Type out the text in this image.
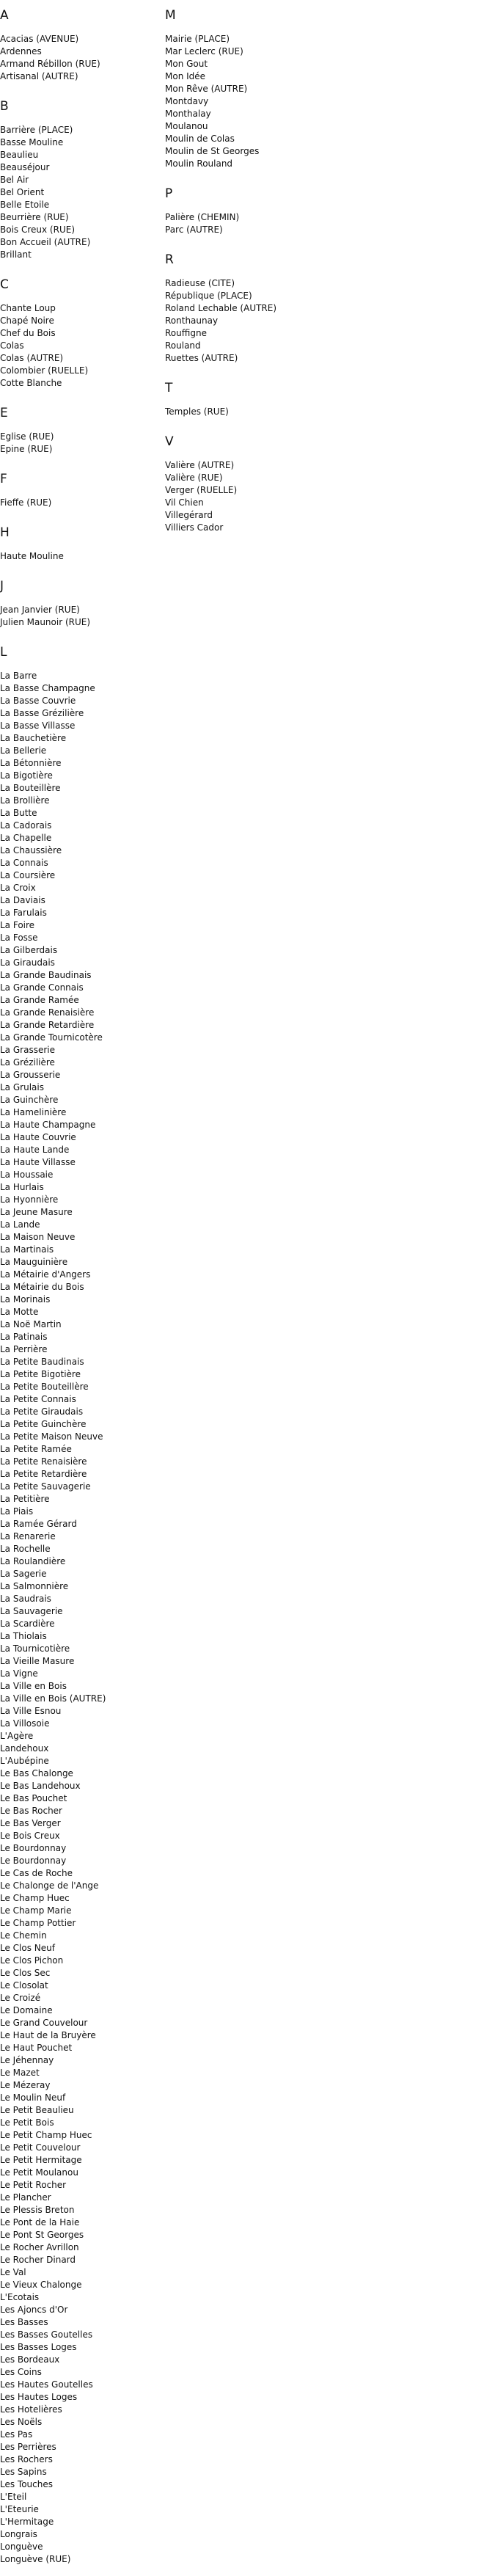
A
Acacias (AVENUE)
Ardennes
Armand Rébillon (RUE)
Artisanal (AUTRE)
B
Barrière (PLACE)
Basse Mouline
Beaulieu
Beauséjour
Bel Air
Bel Orient
Belle Etoile
Beurrière (RUE)
Bois Creux (RUE)
Bon Accueil (AUTRE)
Brillant
C
Chante Loup
Chapé Noire
Chef du Bois
Colas
Colas (AUTRE)
Colombier (RUELLE)
Cotte Blanche
E
Eglise (RUE)
Epine (RUE)
F
Fieffe (RUE)
H
Haute Mouline
J
Jean Janvier (RUE)
Julien Maunoir (RUE)
L
La Barre
La Basse Champagne
La Basse Couvrie
La Basse Grézilière
La Basse Villasse
La Bauchetière
La Bellerie
La Bétonnière
La Bigotière
La Bouteillère
La Brollière
La Butte
La Cadorais
La Chapelle
La Chaussière
La Connais
La Coursière
La Croix
La Daviais
La Farulais
La Foire
La Fosse
La Gilberdais
La Giraudais
La Grande Baudinais
La Grande Connais
La Grande Ramée
La Grande Renaisière
La Grande Retardière
La Grande Tournicotère
La Grasserie
La Grézilière
La Grousserie
La Grulais
La Guinchère
La Hamelinière
La Haute Champagne
La Haute Couvrie
La Haute Lande
La Haute Villasse
La Houssaie
La Hurlais
La Hyonnière
La Jeune Masure
La Lande
La Maison Neuve
La Martinais
La Mauguinière
La Métairie d'Angers
La Métairie du Bois
La Morinais
La Motte
La Noë Martin
La Patinais
La Perrière
La Petite Baudinais
La Petite Bigotière
La Petite Bouteillère
La Petite Connais
La Petite Giraudais
La Petite Guinchère
La Petite Maison Neuve
La Petite Ramée
La Petite Renaisière
La Petite Retardière
La Petite Sauvagerie
La Petitière
La Piais
La Ramée Gérard
La Renarerie
La Rochelle
La Roulandière
La Sagerie
La Salmonnière
La Saudrais
La Sauvagerie
La Scardière
La Thiolais
La Tournicotière
La Vieille Masure
La Vigne
La Ville en Bois
La Ville en Bois (AUTRE)
La Ville Esnou
La Villosoie
L'Agère
Landehoux
L'Aubépine
Le Bas Chalonge
Le Bas Landehoux
Le Bas Pouchet
Le Bas Rocher
Le Bas Verger
Le Bois Creux
Le Bourdonnay
Le Bourdonnay
Le Cas de Roche
Le Chalonge de l'Ange
Le Champ Huec
Le Champ Marie
Le Champ Pottier
Le Chemin
Le Clos Neuf
Le Clos Pichon
Le Clos Sec
Le Closolat
Le Croizé
Le Domaine
Le Grand Couvelour
Le Haut de la Bruyère
Le Haut Pouchet
Le Jéhennay
Le Mazet
Le Mézeray
Le Moulin Neuf
Le Petit Beaulieu
Le Petit Bois
Le Petit Champ Huec
Le Petit Couvelour
Le Petit Hermitage
Le Petit Moulanou
Le Petit Rocher
Le Plancher
Le Plessis Breton
Le Pont de la Haie
Le Pont St Georges
Le Rocher Avrillon
Le Rocher Dinard
Le Val
Le Vieux Chalonge
L'Ecotais
Les Ajoncs d'Or
Les Basses
Les Basses Goutelles
Les Basses Loges
Les Bordeaux
Les Coins
Les Hautes Goutelles
Les Hautes Loges
Les Hotelières
Les Noëls
Les Pas
Les Perrières
Les Rochers
Les Sapins
Les Touches
L'Eteil
L'Eteurie
L'Hermitage
Longrais
Longuève
Longuève (RUE)
M
Mairie (PLACE)
Mar Leclerc (RUE)
Mon Gout
Mon Idée
Mon Rêve (AUTRE)
Montdavy
Monthalay
Moulanou
Moulin de Colas
Moulin de St Georges
Moulin Rouland
P
Palière (CHEMIN)
Parc (AUTRE)
R
Radieuse (CITE)
République (PLACE)
Roland Lechable (AUTRE)
Ronthaunay
Rouffigne
Rouland
Ruettes (AUTRE)
T
Temples (RUE)
V
Valière (AUTRE)
Valière (RUE)
Verger (RUELLE)
Vil Chien
Villegérard
Villiers Cador
